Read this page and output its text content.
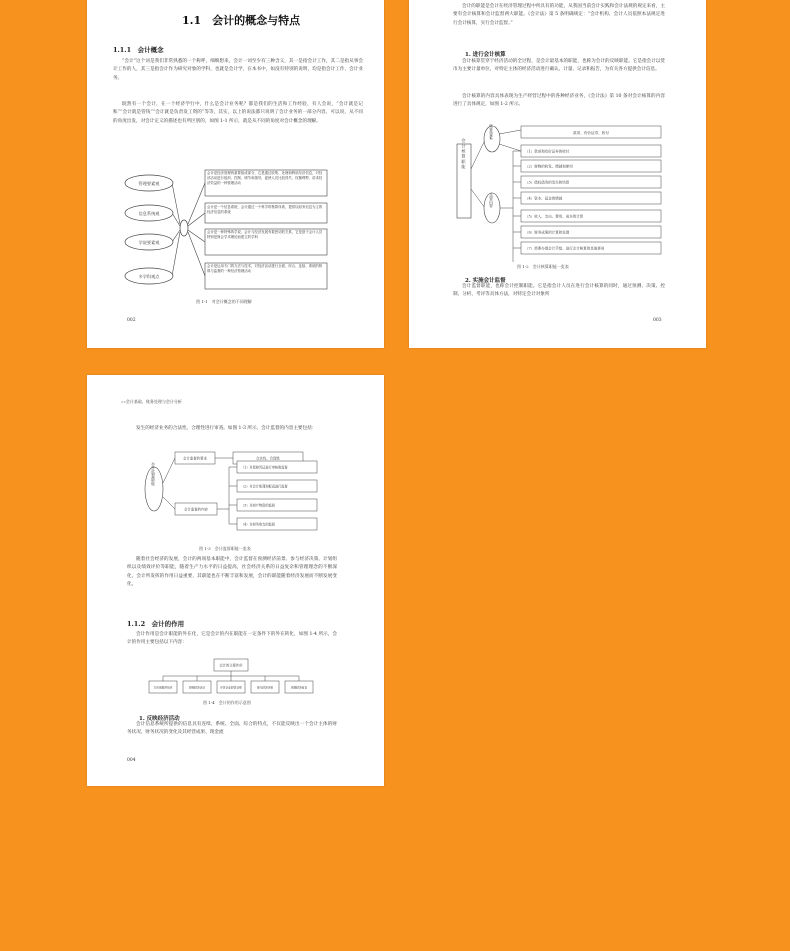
1.1　会计的概念与特点
1.1.1　会计概念

“会计”这个词是我们非常熟悉的一个称呼，细细想来，会计一词至少有三种含义，其一是指会计工作，其二是指从事会计工作的人，其三是指会计作为研究对象的学科，也就是会计学，在本书中，如没有特别的说明，均是指会计工作，会计业务。

既然有一个会计，在一个经济学行中，什么是会计业务呢？都是我们的生活和工作经验，有人会说，“会计就是记账”“会计就是管钱”“会计就是负责发工资的”等等，其实，以上的说法都只说明了会计业务的一部分内容，可以说，从不同的角度出发，对会计定义的描述也有所区别的，如图 1-1 所示，就是从不同的角度对会计概念的理解。

管理要素观
信息系统观
学说要素观
多学科观点
会计是经济管理的重要组成部分，它是通过收集、处理和利用经济信息，对经济活动进行组织、控制、调节和指导，促使人们比较得失、权衡利弊、讲求经济效益的一种管理活动
会计是一个信息系统，会计通过一个科学的核算体系，提供以财务信息为主的经济信息的系统
会计是一种特殊的学说，会计与经济发展有着密切的关系，它是基于会计人员特别是财会学术理论而建立的学科
会计是运用专门的方法与技术，对经济活动进行全面、综合、连续、系统的核算与监督的一种经济管理活动
图 1-1　对会计概念的不同理解
002

会计的职能是会计在经济管理过程中所具有的功能，从我国当前会计实践和会计法规的规定来看，主要有会计核算和会计监督两大职能。《会计法》第 5 条明确规定：“会计机构、会计人员依照本法规定进行会计核算，实行会计监督。”

1. 进行会计核算

会计核算贯穿于经济活动的全过程，是会计最基本的职能，也称为会计的反映职能。它是指会计以货币为主要计量单位，对特定主体的经济活动进行确认、计量、记录和报告，为有关各方提供会计信息。

会计核算的内容具体表现为生产经营过程中的各种经济业务，《会计法》第 10 条对会计核算的内容进行了具体规定，如图 1-2 所示。

会计核算职能
核算要素
主要内容
款项、有价证券、收付
（1）款项和有价证券的收付
（2）财物的收发、增减和使用
（3）债权债务的发生和结算
（4）资本、基金的增减
（5）收入、支出、费用、成本的计算
（6）财务成果的计算和处理
（7）需要办理会计手续、进行会计核算的其他事项
图 1-2　会计核算职能一览表
2. 实施会计监督

会计监督职能，也称会计控制职能。它是指会计人员在进行会计核算的同时，通过预测、决策、控制、分析、考评等具体方法，对特定会计对象所

003
»»会计基础、账务处理与会计分析

发生的经济业务的合法性、合理性进行审查。如图 1-3 所示，会计监督的内容主要包括：

会计监督职能
会计监督的要求	合法性、合理性
会计监督的内容
（1）对原始凭证进行审核和监督
（2）对会计账簿和报表进行监督
（3）对财产物资的监督
（4）对财务收支的监督
图 1-3　会计监督职能一览表

随着社会经济的发展，会计的两项基本职能中，会计监督在预测经济前景、参与经济决策、计划组织以及绩效评价等职能，随着生产力水平的日益提高，社会经济关系的日益复杂和管理理念的不断深化，会计所发挥的作用日益重要，其职能也在不断丰富和发展，会计的职能随着经济发展而不断发展变化。

1.1.2　会计的作用

会计作用是会计职能的外在化，它是会计的内在职能在一定条件下的外在转化，如图 1-4 所示，会计的作用主要包括以下内容：

会计的主要作用
为决策提供信息	控制经济活动	评价企业经营业绩	参与经济决策	预测经济前景
图 1-4　会计的作用示意图
1. 反映经济活动

会计信息系统所提供的信息具有连续、系统、全面、综合的特点，不仅能反映出一个会计主体的财务状况、财务状况的变化及其经营成果、现金流

004
